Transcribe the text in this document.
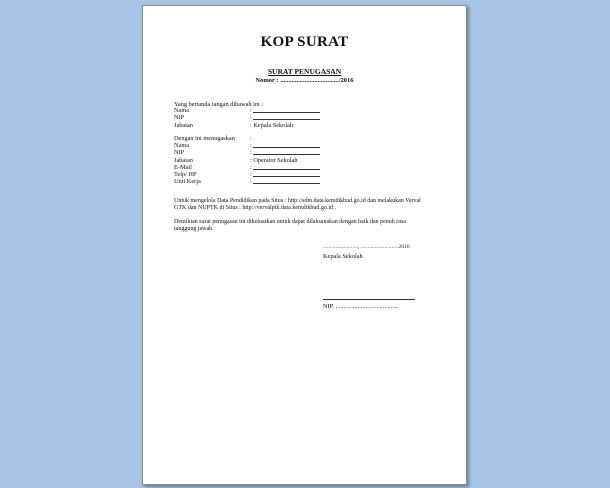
KOP SURAT
SURAT PENUGASAN
Nomor : ..................................../2016
Yang bertanda tangan dibawah ini :
Nama	:
NIP	:
Jabatan	: Kepala Sekolah
Dengan ini menugaskan :
Nama	:
NIP	:
Jabatan	: Operator Sekolah
E-Mail	:
Telp/ HP	:
Unit Kerja	:
Untuk mengelola Data Pendidikan pada Situs : http://sdm.data.kemdikbud.go.id dan melakukan Verval GTK dan NUPTK di Situs : http://vervalptk.data.kemdikbud.go.id .
Demikian surat penugasan ini dikeluarkan untuk dapat dilaksanakan dengan baik dan penuh rasa tanggung jawab.
........................., ...........................2016
Kepala Sekolah
NIP. ........................................
